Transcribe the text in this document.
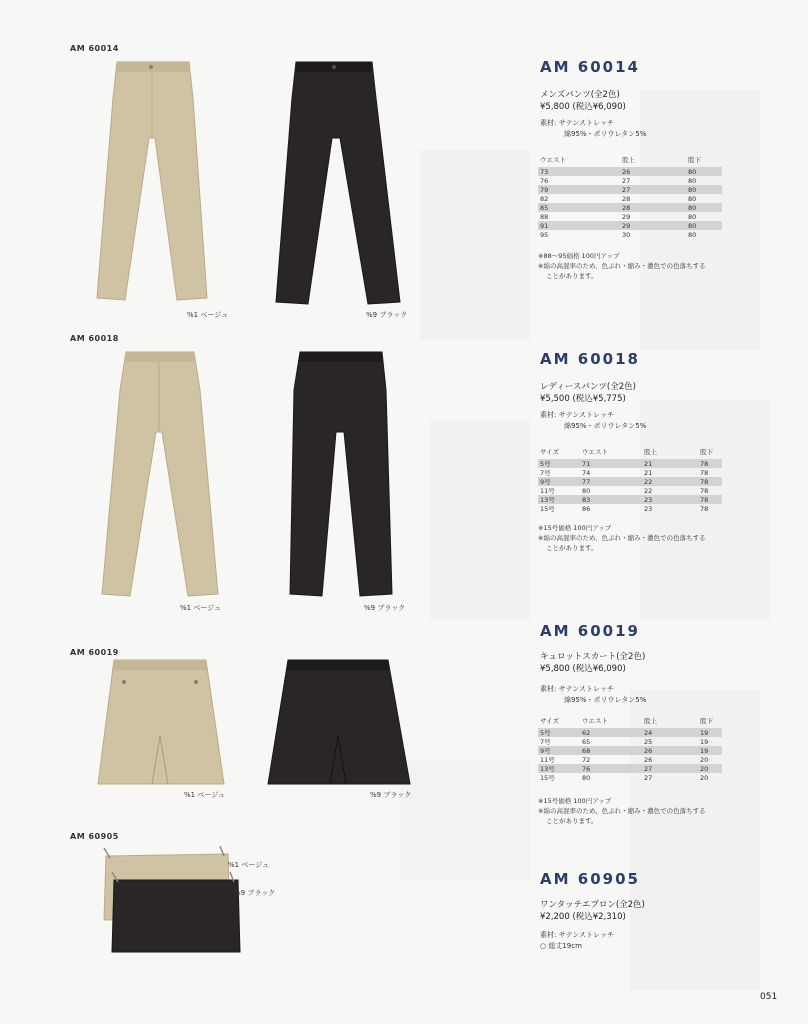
AM 60014
%1 ベージュ	%9 ブラック
AM 60014
メンズパンツ(全2色)
¥5,800 (税込¥6,090)
素材: サテンストレッチ
綿95%・ポリウレタン5%
ウエスト	股上	股下
73	26	80
76	27	80
79	27	80
82	28	80
85	28	80
88	29	80
91	29	80
95	30	80
※88〜95価格 100円アップ
※綿の高混率のため、色ぶれ・縮み・濃色での色落ちする
ことがあります。
AM 60018
%1 ベージュ	%9 ブラック
AM 60018
レディースパンツ(全2色)
¥5,500 (税込¥5,775)
素材: サテンストレッチ
綿95%・ポリウレタン5%
サイズ	ウエスト	股上	股下
5号	71	21	78
7号	74	21	78
9号	77	22	78
11号	80	22	78
13号	83	23	78
15号	86	23	78
※15号価格 100円アップ
※綿の高混率のため、色ぶれ・縮み・濃色での色落ちする
ことがあります。
AM 60019
%1 ベージュ	%9 ブラック
AM 60019
キュロットスカート(全2色)
¥5,800 (税込¥6,090)
素材: サテンストレッチ
綿95%・ポリウレタン5%
サイズ	ウエスト	股上	股下
5号	62	24	19
7号	65	25	19
9号	68	26	19
11号	72	26	20
13号	76	27	20
15号	80	27	20
※15号価格 100円アップ
※綿の高混率のため、色ぶれ・縮み・濃色での色落ちする
ことがあります。
AM 60905
%1 ベージュ
%9 ブラック
AM 60905
ワンタッチエプロン(全2色)
¥2,200 (税込¥2,310)
素材: サテンストレッチ
○ 総丈19cm
051
